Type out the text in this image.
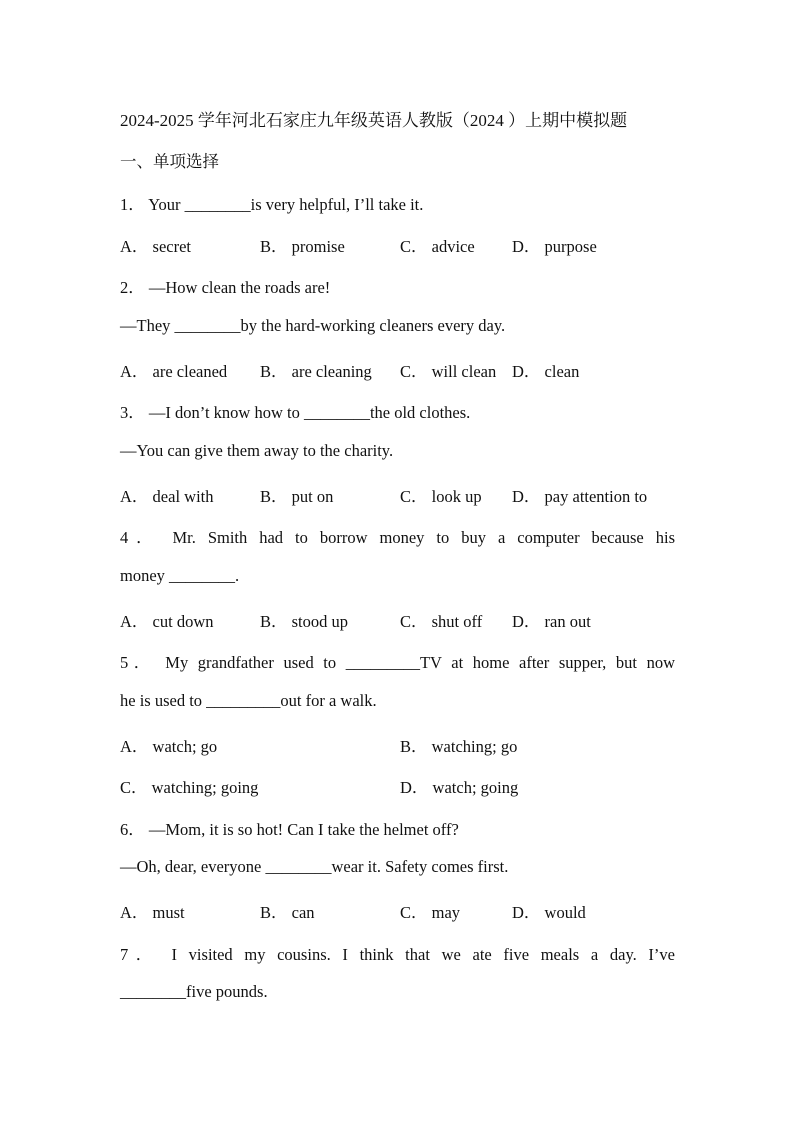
2024-2025 学年河北石家庄九年级英语人教版（2024 ）上期中模拟题
一、单项选择
1． Your ________is very helpful, I’ll take it.
A． secret	B． promise	C． advice D． purpose
2． —How clean the roads are!
—They ________by the hard-working cleaners every day.
A． are cleaned B． are cleaning C． will clean D． clean
3． —I don’t know how to ________the old clothes.
—You can give them away to the charity.
A． deal with	B． put on	C． look up D． pay attention to
4． Mr. Smith had to borrow money to buy a computer because his
money ________.
A． cut down	B． stood up	C． shut off D． ran out
5． My grandfather used to _________TV at home after supper, but now
he is used to _________out for a walk.
A． watch; go	B． watching; go
C． watching; going	D． watch; going
6． —Mom, it is so hot! Can I take the helmet off?
—Oh, dear, everyone ________wear it. Safety comes first.
A． must	B． can	C． may	D． would
7． I visited my cousins. I think that we ate five meals a day. I’ve
________five pounds.
